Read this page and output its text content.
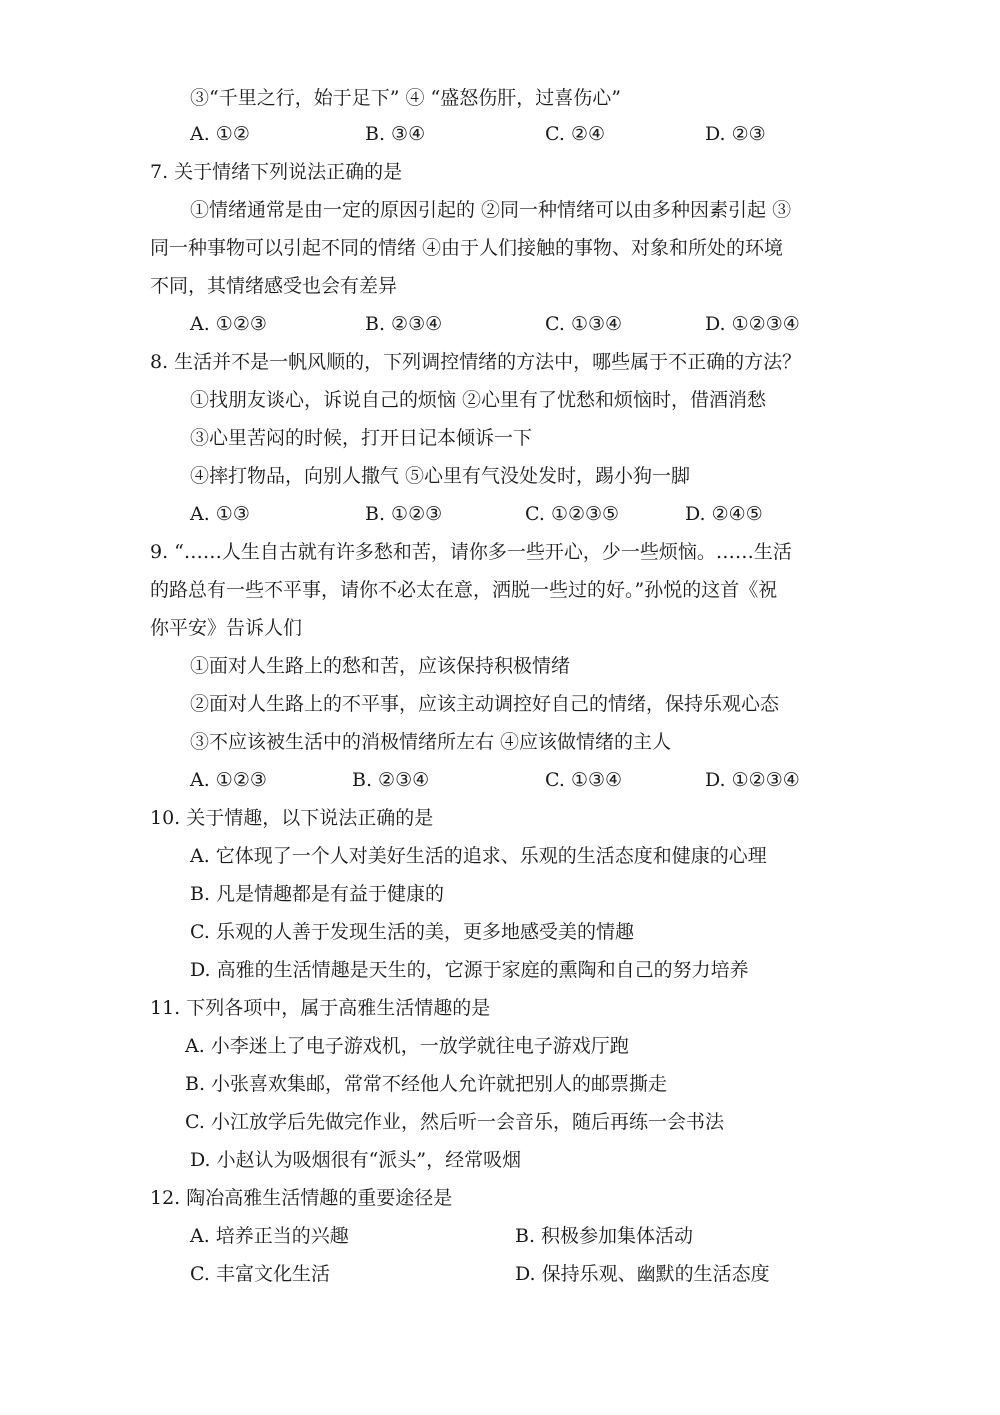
③“千里之行，始于足下” ④ “盛怒伤肝，过喜伤心”
A. ①②	B. ③④	C. ②④	D. ②③
7. 关于情绪下列说法正确的是
①情绪通常是由一定的原因引起的 ②同一种情绪可以由多种因素引起 ③
同一种事物可以引起不同的情绪 ④由于人们接触的事物、对象和所处的环境
不同，其情绪感受也会有差异
A. ①②③	B. ②③④	C. ①③④	D. ①②③④
8. 生活并不是一帆风顺的，下列调控情绪的方法中，哪些属于不正确的方法？
①找朋友谈心，诉说自己的烦恼 ②心里有了忧愁和烦恼时，借酒消愁
③心里苦闷的时候，打开日记本倾诉一下
④摔打物品，向别人撒气 ⑤心里有气没处发时，踢小狗一脚
A. ①③	B. ①②③	C. ①②③⑤	D. ②④⑤
9. “……人生自古就有许多愁和苦，请你多一些开心，少一些烦恼。……生活
的路总有一些不平事，请你不必太在意，洒脱一些过的好。”孙悦的这首《祝
你平安》告诉人们
①面对人生路上的愁和苦，应该保持积极情绪
②面对人生路上的不平事，应该主动调控好自己的情绪，保持乐观心态
③不应该被生活中的消极情绪所左右 ④应该做情绪的主人
A. ①②③	B. ②③④	C. ①③④	D. ①②③④
10. 关于情趣，以下说法正确的是
A. 它体现了一个人对美好生活的追求、乐观的生活态度和健康的心理
B. 凡是情趣都是有益于健康的
C. 乐观的人善于发现生活的美，更多地感受美的情趣
D. 高雅的生活情趣是天生的，它源于家庭的熏陶和自己的努力培养
11. 下列各项中，属于高雅生活情趣的是
A. 小李迷上了电子游戏机，一放学就往电子游戏厅跑
B. 小张喜欢集邮，常常不经他人允许就把别人的邮票撕走
C. 小江放学后先做完作业，然后听一会音乐，随后再练一会书法
D. 小赵认为吸烟很有“派头”，经常吸烟
12. 陶冶高雅生活情趣的重要途径是
A. 培养正当的兴趣	B. 积极参加集体活动
C. 丰富文化生活	D. 保持乐观、幽默的生活态度
